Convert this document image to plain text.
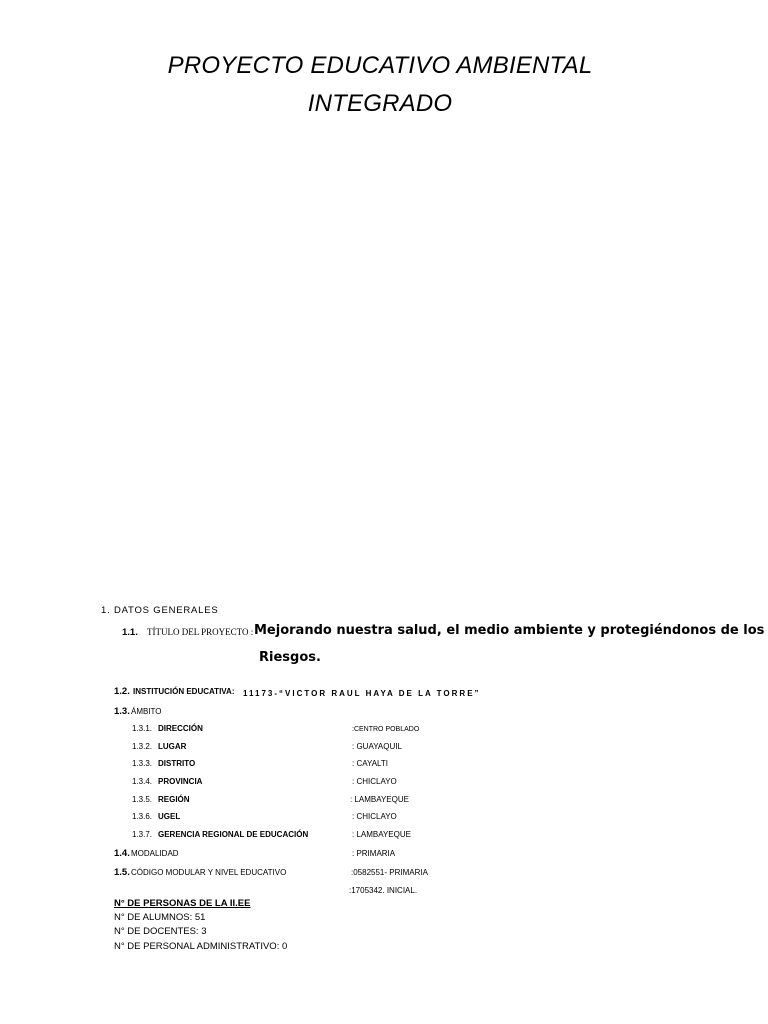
PROYECTO EDUCATIVO AMBIENTAL
INTEGRADO
1. DATOS GENERALES
1.1. TÍTULO DEL PROYECTO : Mejorando nuestra salud, el medio ambiente y protegiéndonos de los
Riesgos.
1.2. INSTITUCIÓN EDUCATIVA: 11173-“VICTOR RAUL HAYA DE LA TORRE”
1.3. ÁMBITO
1.3.1. DIRECCIÓN	:CENTRO POBLADO
1.3.2. LUGAR	: GUAYAQUIL
1.3.3. DISTRITO	: CAYALTI
1.3.4. PROVINCIA	: CHICLAYO
1.3.5. REGIÓN	: LAMBAYEQUE
1.3.6. UGEL	: CHICLAYO
1.3.7. GERENCIA REGIONAL DE EDUCACIÓN	: LAMBAYEQUE
1.4. MODALIDAD	: PRIMARIA
1.5. CÓDIGO MODULAR Y NIVEL EDUCATIVO	:0582551- PRIMARIA
:1705342. INICIAL.
N° DE PERSONAS DE LA II.EE
N° DE ALUMNOS: 51
N° DE DOCENTES: 3
N° DE PERSONAL ADMINISTRATIVO: 0
